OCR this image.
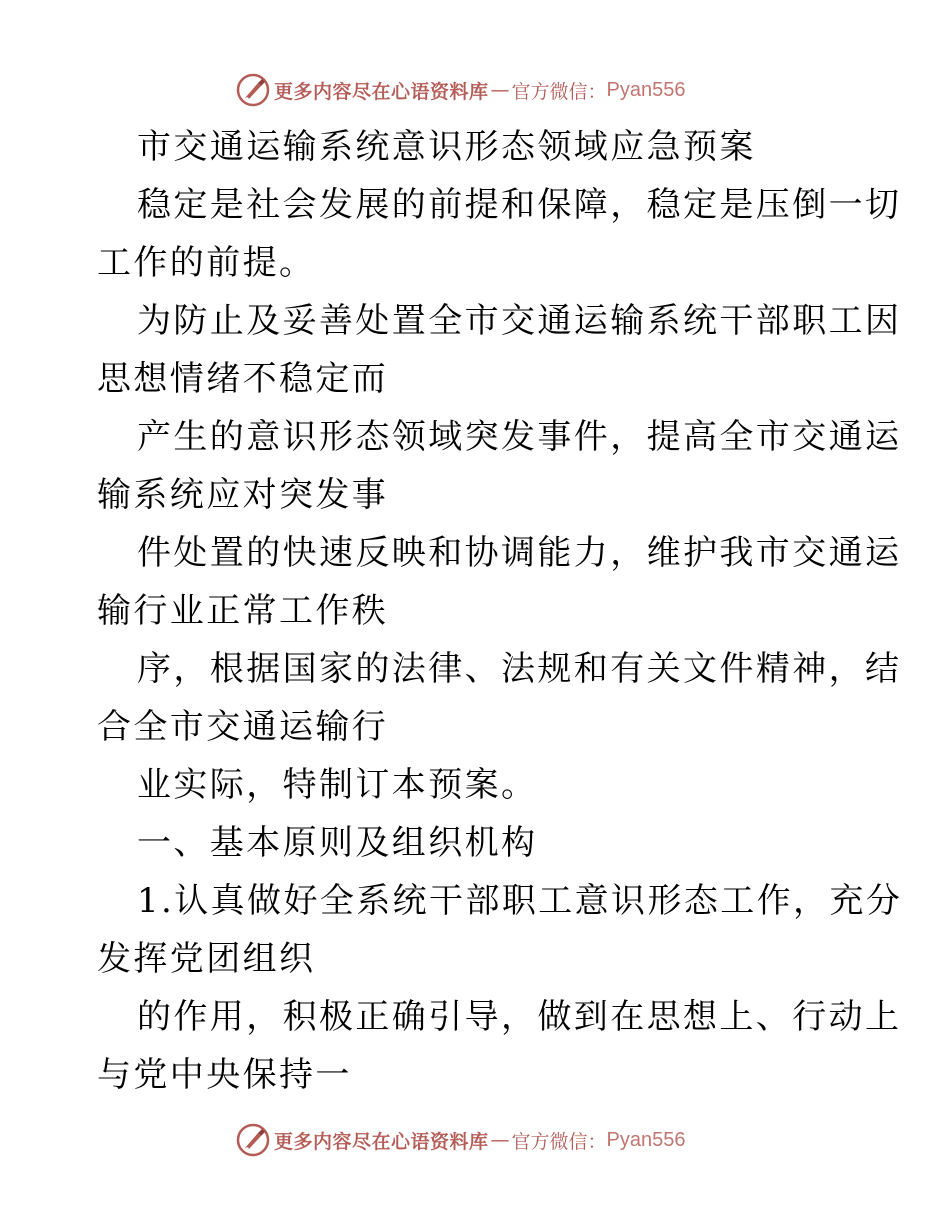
更多内容尽在心语资料库 — 官方微信： Pyan556
市交通运输系统意识形态领域应急预案
稳定是社会发展的前提和保障，稳定是压倒一切
工作的前提。
为防止及妥善处置全市交通运输系统干部职工因
思想情绪不稳定而
产生的意识形态领域突发事件，提高全市交通运
输系统应对突发事
件处置的快速反映和协调能力，维护我市交通运
输行业正常工作秩
序，根据国家的法律、法规和有关文件精神，结
合全市交通运输行
业实际，特制订本预案。
一、基本原则及组织机构
1.认真做好全系统干部职工意识形态工作，充分
发挥党团组织
的作用，积极正确引导，做到在思想上、行动上
与党中央保持一
更多内容尽在心语资料库 — 官方微信： Pyan556
